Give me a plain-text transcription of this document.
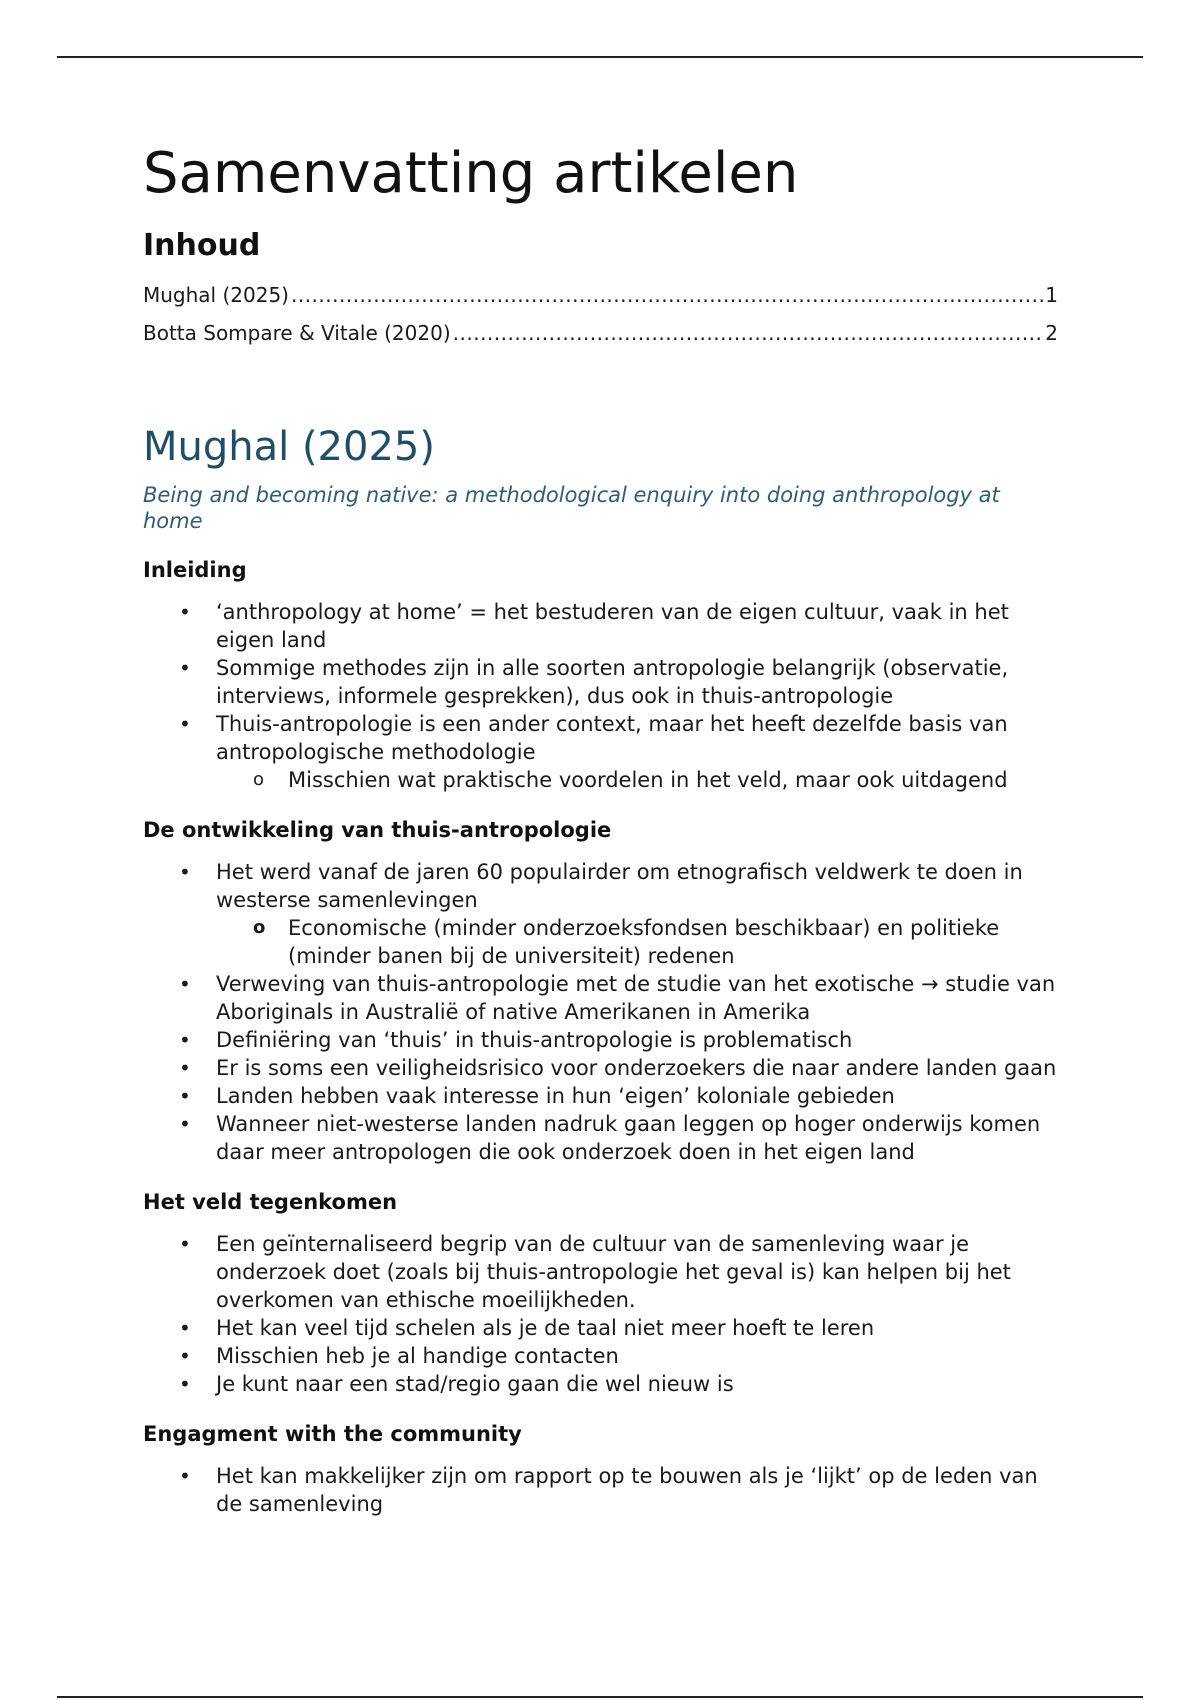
Samenvatting artikelen
Inhoud
Mughal (2025) .....	1
Botta Sompare & Vitale (2020) .....	2
Mughal (2025)

Being and becoming native: a methodological enquiry into doing anthropology at home

Inleiding
• ‘anthropology at home’ = het bestuderen van de eigen cultuur, vaak in het eigen land
• Sommige methodes zijn in alle soorten antropologie belangrijk (observatie, interviews, informele gesprekken), dus ook in thuis-antropologie
• Thuis-antropologie is een ander context, maar het heeft dezelfde basis van antropologische methodologie
o Misschien wat praktische voordelen in het veld, maar ook uitdagend
De ontwikkeling van thuis-antropologie
• Het werd vanaf de jaren 60 populairder om etnografisch veldwerk te doen in westerse samenlevingen
o Economische (minder onderzoeksfondsen beschikbaar) en politieke (minder banen bij de universiteit) redenen
• Verweving van thuis-antropologie met de studie van het exotische → studie van Aboriginals in Australië of native Amerikanen in Amerika
• Definiëring van ‘thuis’ in thuis-antropologie is problematisch
• Er is soms een veiligheidsrisico voor onderzoekers die naar andere landen gaan
• Landen hebben vaak interesse in hun ‘eigen’ koloniale gebieden
• Wanneer niet-westerse landen nadruk gaan leggen op hoger onderwijs komen daar meer antropologen die ook onderzoek doen in het eigen land
Het veld tegenkomen
• Een geïnternaliseerd begrip van de cultuur van de samenleving waar je onderzoek doet (zoals bij thuis-antropologie het geval is) kan helpen bij het overkomen van ethische moeilijkheden.
• Het kan veel tijd schelen als je de taal niet meer hoeft te leren
• Misschien heb je al handige contacten
• Je kunt naar een stad/regio gaan die wel nieuw is
Engagment with the community
• Het kan makkelijker zijn om rapport op te bouwen als je ‘lijkt’ op de leden van de samenleving
